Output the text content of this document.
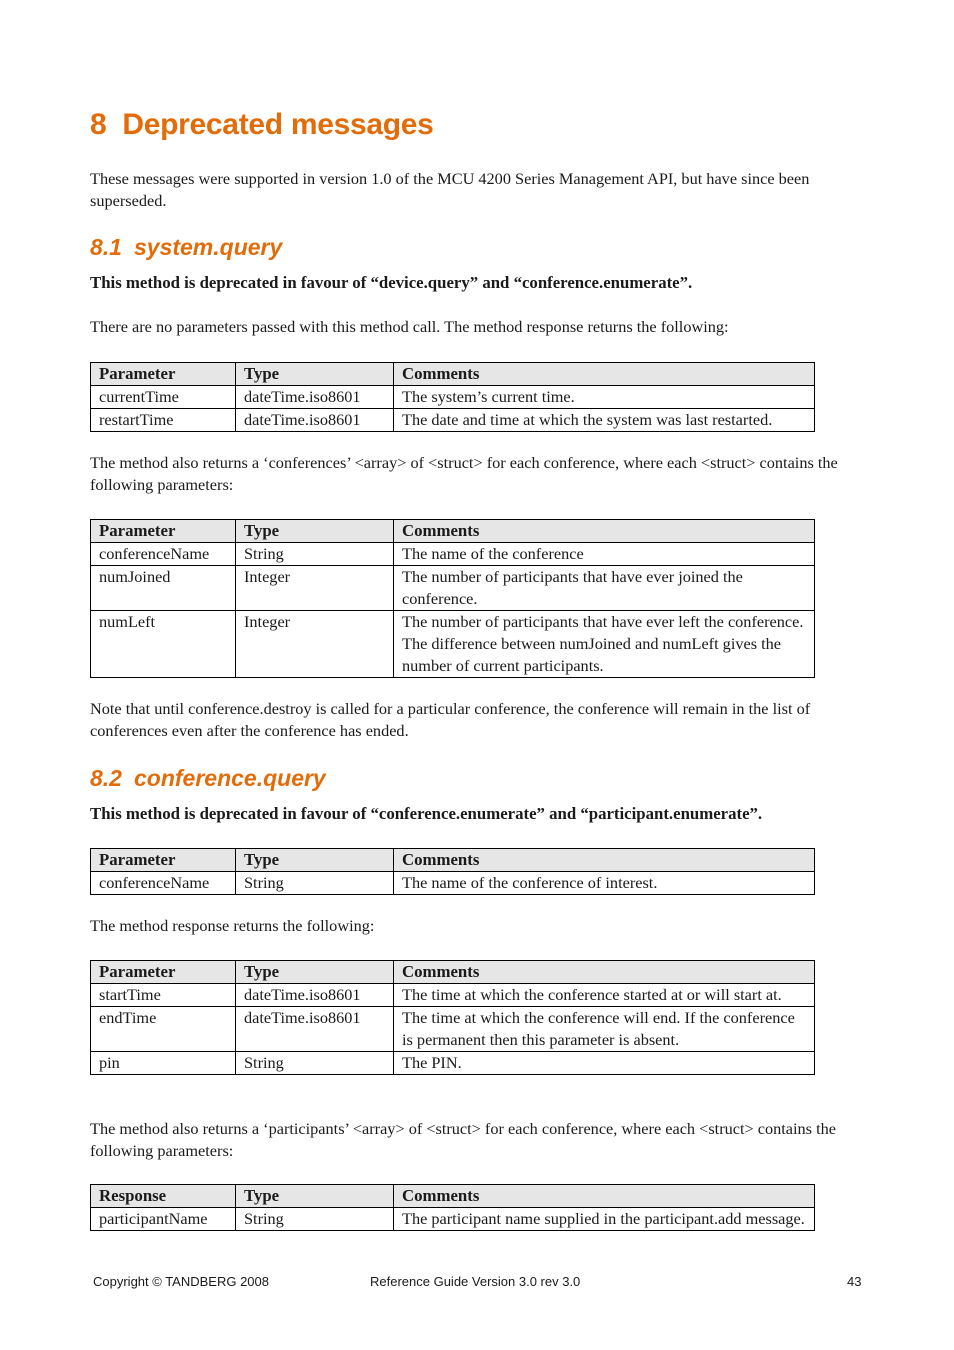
8 Deprecated messages

These messages were supported in version 1.0 of the MCU 4200 Series Management API, but have since been superseded.

8.1 system.query

This method is deprecated in favour of “device.query” and “conference.enumerate”.

There are no parameters passed with this method call. The method response returns the following:

Parameter	Type	Comments
currentTime	dateTime.iso8601	The system’s current time.
restartTime	dateTime.iso8601	The date and time at which the system was last restarted.

The method also returns a ‘conferences’ <array> of <struct> for each conference, where each <struct> contains the following parameters:

Parameter	Type	Comments
conferenceName	String	The name of the conference
numJoined	Integer	The number of participants that have ever joined the conference.
numLeft	Integer	The number of participants that have ever left the conference. The difference between numJoined and numLeft gives the number of current participants.

Note that until conference.destroy is called for a particular conference, the conference will remain in the list of conferences even after the conference has ended.

8.2 conference.query

This method is deprecated in favour of “conference.enumerate” and “participant.enumerate”.

Parameter	Type	Comments
conferenceName	String	The name of the conference of interest.

The method response returns the following:

Parameter	Type	Comments
startTime	dateTime.iso8601	The time at which the conference started at or will start at.
endTime	dateTime.iso8601	The time at which the conference will end. If the conference is permanent then this parameter is absent.
pin	String	The PIN.

The method also returns a ‘participants’ <array> of <struct> for each conference, where each <struct> contains the following parameters:

Response	Type	Comments
participantName	String	The participant name supplied in the participant.add message.
Copyright © TANDBERG 2008	Reference Guide Version 3.0 rev 3.0	43
